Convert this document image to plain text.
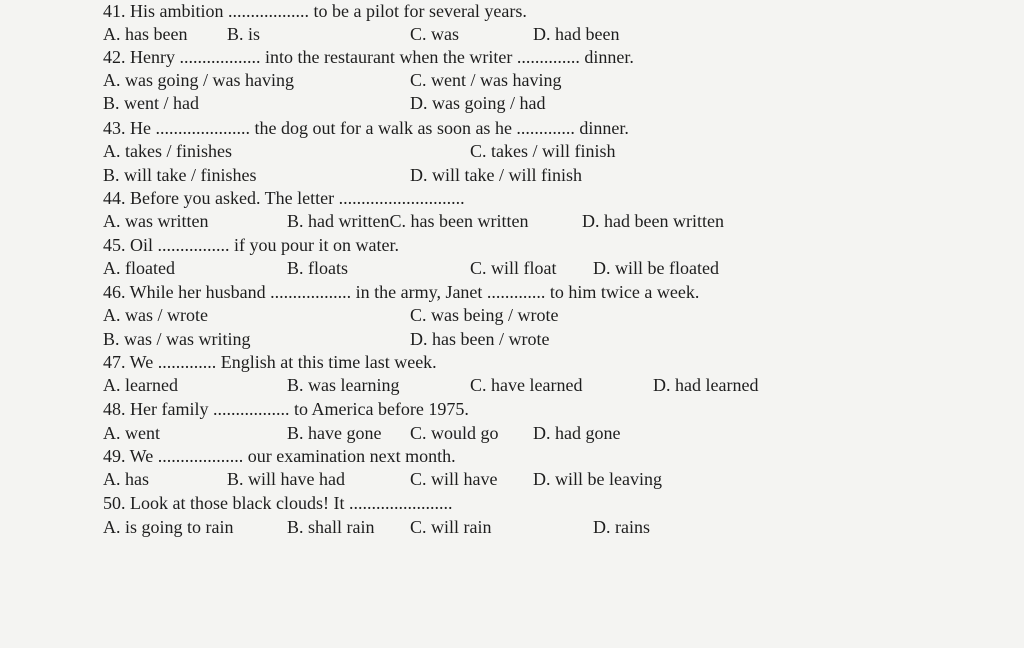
41. His ambition .................. to be a pilot for several years.

A. has been

B. is

	C. was

	D. had been

42. Henry .................. into the restaurant when the writer .............. dinner.

A. was going / was having

	C. went / was having

B. went / had

	D. was going / had

43. He ..................... the dog out for a walk as soon as he ............. dinner.

A. takes / finishes

	C. takes / will finish

B. will take / finishes

	D. will take / will finish

44. Before you asked. The letter ............................

A. was written

	B. had writtenC. has been written

	D. had been written

45. Oil ................ if you pour it on water.

A. floated

	B. floats

	C. will float

D. will be floated

46. While her husband .................. in the army, Janet ............. to him twice a week.

A. was / wrote

	C. was being / wrote

B. was / was writing

	D. has been / wrote

47. We ............. English at this time last week.

A. learned

	B. was learning

	C. have learned

	D. had learned

48. Her family ................. to America before 1975.

A. went

	B. have gone

C. would go

D. had gone

49. We ................... our examination next month.

A. has

	B. will have had

	C. will have

D. will be leaving

50. Look at those black clouds! It .......................

A. is going to rain

	B. shall rain

C. will rain

	D. rains
